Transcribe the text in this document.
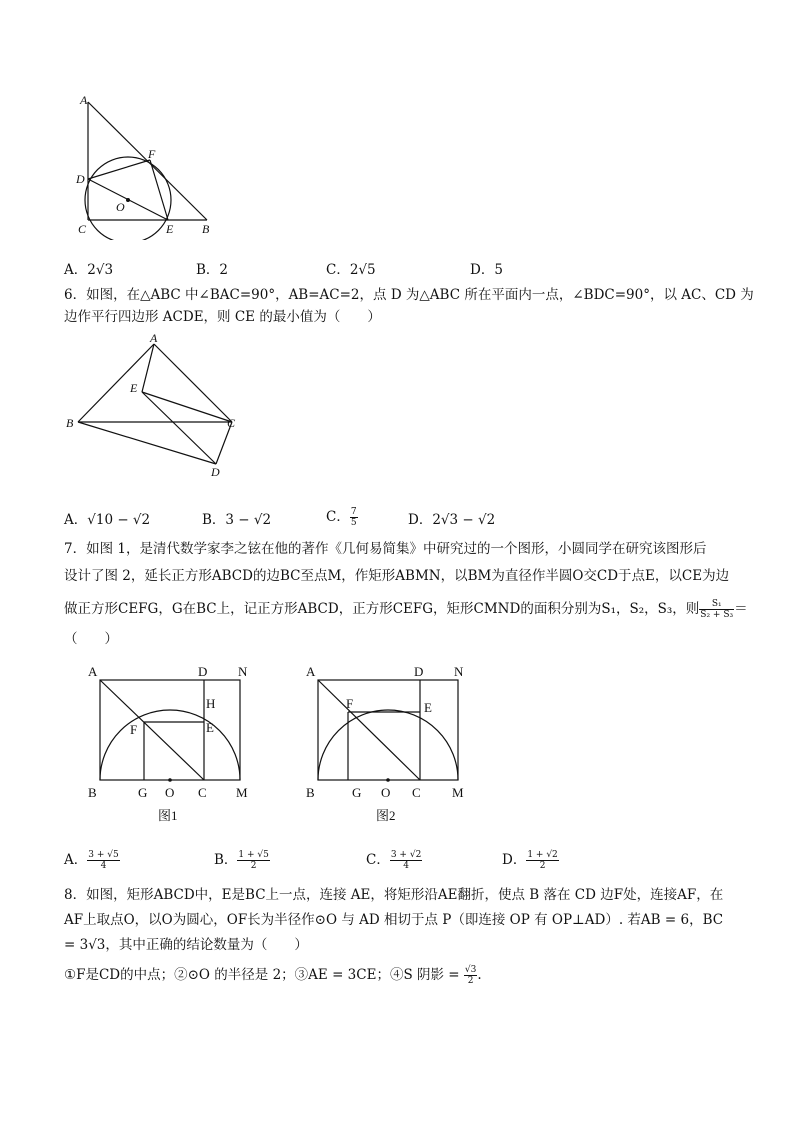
A
F
D
O
C	E B
A．2√3	B．2	C．2√5	D．5
6．如图，在△ABC 中∠BAC=90°，AB=AC=2，点 D 为△ABC 所在平面内一点，∠BDC=90°，以 AC、CD 为
边作平行四边形 ACDE，则 CE 的最小值为（　　）
A
E
B	C
D
A．√10 − √2	B．3 − √2	C． $\frac{7}{5}$	D．2√3 − √2
7．如图 1，是清代数学家李之铉在他的著作《几何易简集》中研究过的一个图形，小圆同学在研究该图形后
设计了图 2，延长正方形ABCD的边BC至点M，作矩形ABMN，以BM为直径作半圆O交CD于点E，以CE为边
做正方形CEFG，G在BC上，记正方形ABCD，正方形CEFG，矩形CMND的面积分别为S₁，S₂，S₃，则 $\frac{\text{S₁}}{\text{S₂ + S₃}}$ ＝
（　　）
A	D N
H
F	E
B	G O C M
图1
A	D N
F	E
B	G O C M
图2
A． $\frac{3 + √5}{4}$	B． $\frac{1 + √5}{2}$	C． $\frac{3 + √2}{4}$	D． $\frac{1 + √2}{2}$
8．如图，矩形ABCD中，E是BC上一点，连接 AE，将矩形沿AE翻折，使点 B 落在 CD 边F处，连接AF，在
AF上取点O，以O为圆心，OF长为半径作⊙O 与 AD 相切于点 P（即连接 OP 有 OP⊥AD）. 若AB = 6，BC
= 3√3，其中正确的结论数量为（　　）
①F是CD的中点；②⊙O 的半径是 2；③AE = 3CE；④S 阴影 = $\frac{√3}{2}$ .
